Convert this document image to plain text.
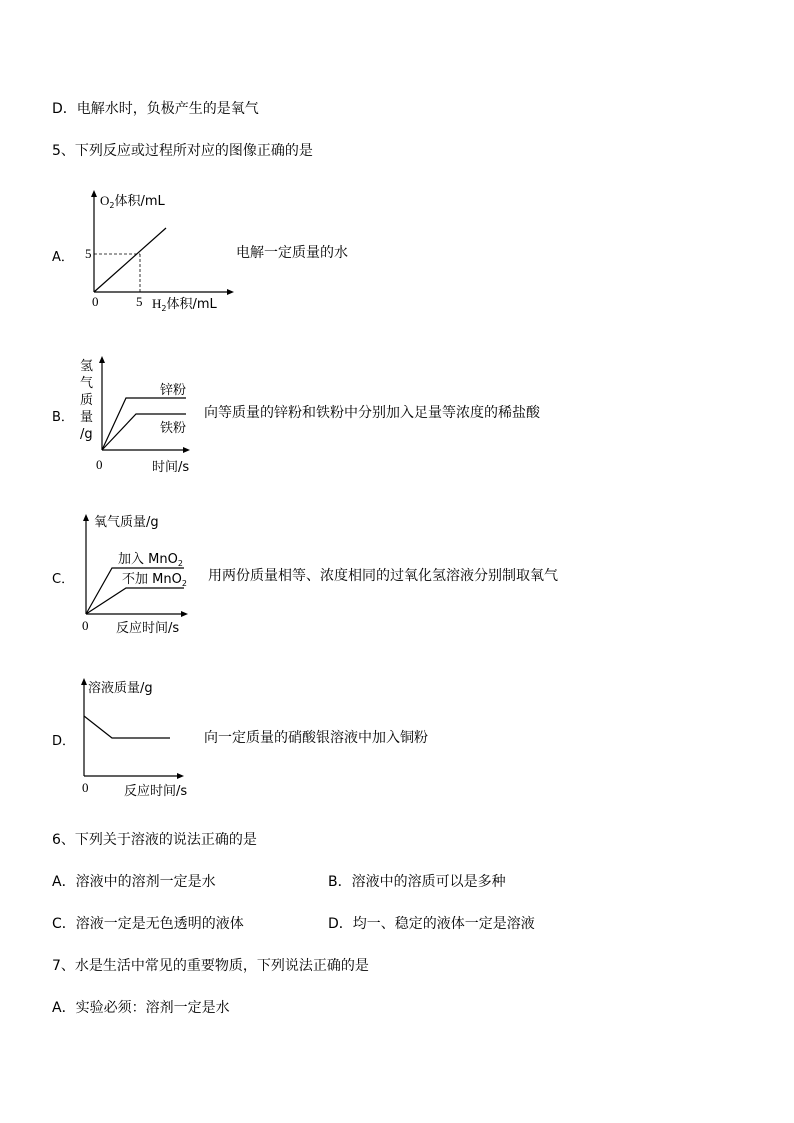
D．电解水时，负极产生的是氧气
5、下列反应或过程所对应的图像正确的是
A．
$O_2$体积/mL
5
0	5 $H_2$体积/mL
电解一定质量的水
B．
氢
气
质
量
/g
锌粉
铁粉
0	时间/s
向等质量的锌粉和铁粉中分别加入足量等浓度的稀盐酸
C．
氧气质量/g
加入 MnO$_2$
不加 MnO$_2$
0 反应时间/s
用两份质量相等、浓度相同的过氧化氢溶液分别制取氧气
D．
溶液质量/g
0	反应时间/s
向一定质量的硝酸银溶液中加入铜粉
6、下列关于溶液的说法正确的是
A．溶液中的溶剂一定是水	B．溶液中的溶质可以是多种
C．溶液一定是无色透明的液体	D．均一、稳定的液体一定是溶液
7、水是生活中常见的重要物质，下列说法正确的是
A．实验必须：溶剂一定是水
